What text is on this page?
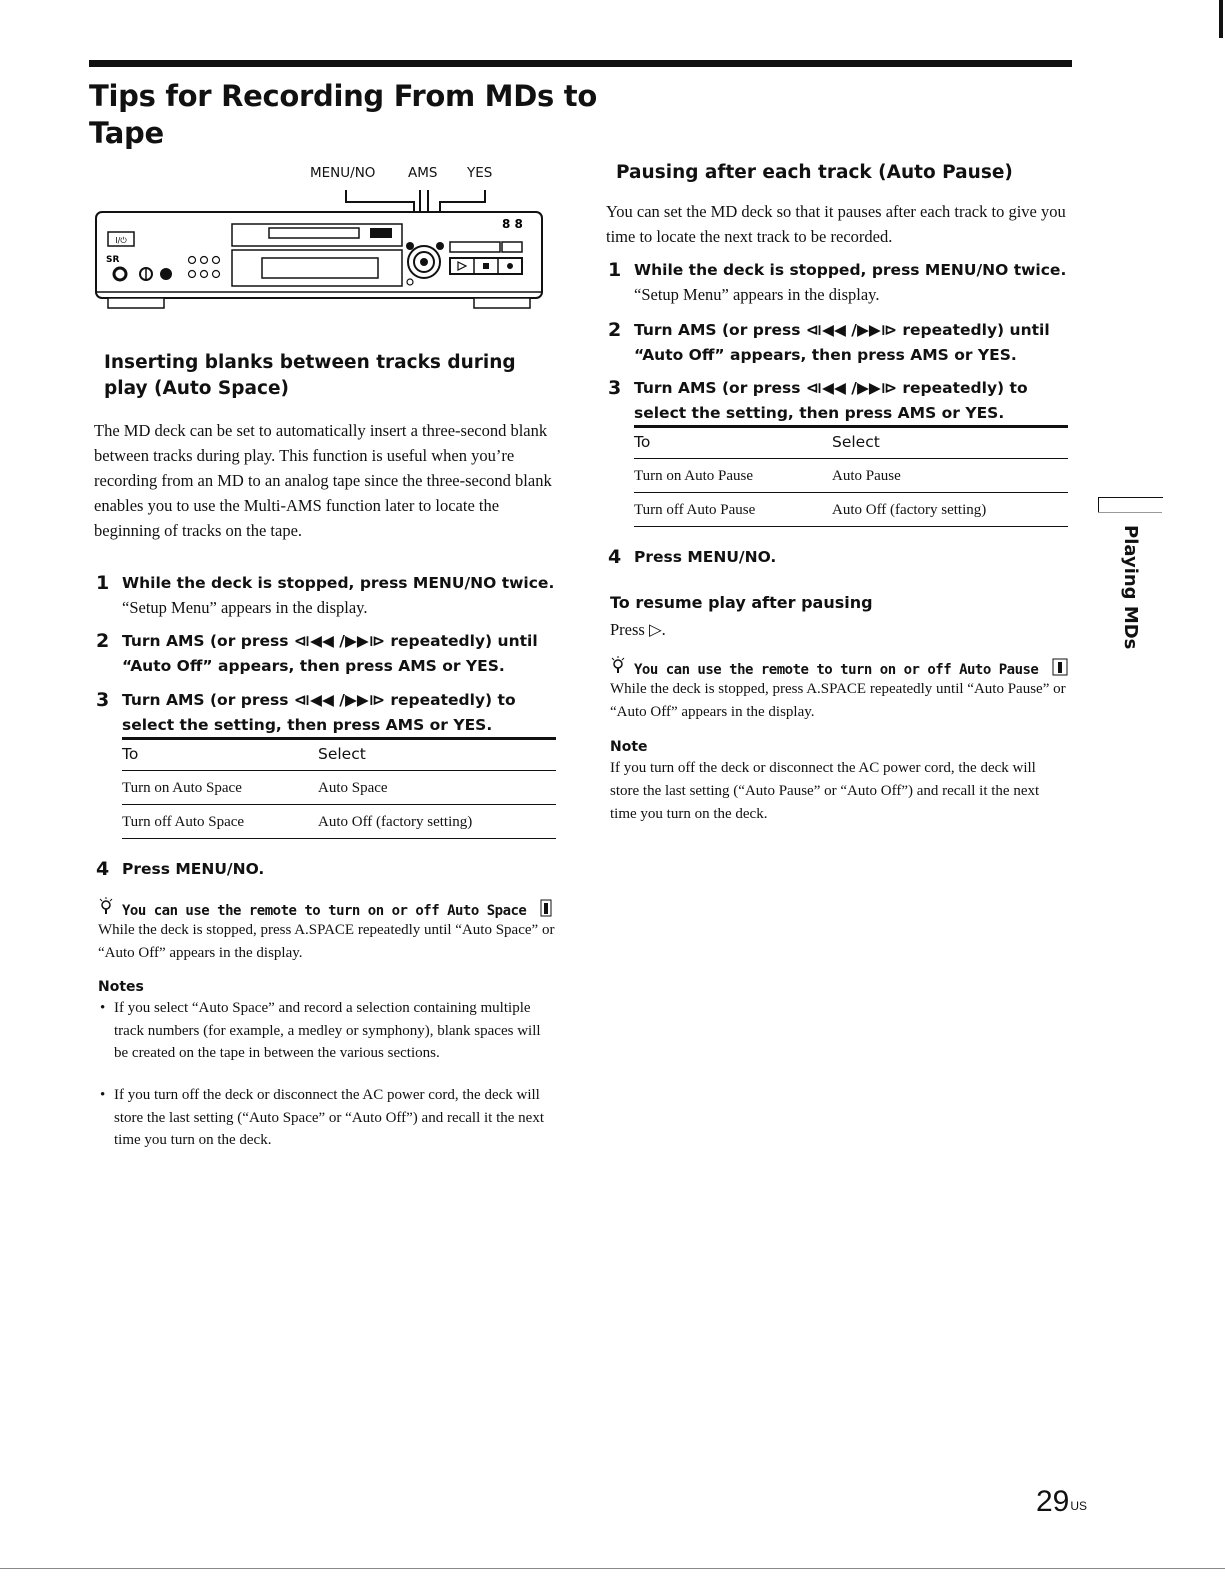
Tips for Recording From MDs to Tape
MENU/NO AMS YES
I/⏻
SR
8 8
Inserting blanks between tracks during play (Auto Space)

The MD deck can be set to automatically insert a three-second blank between tracks during play. This function is useful when you’re recording from an MD to an analog tape since the three-second blank enables you to use the Multi-AMS function later to locate the beginning of tracks on the tape.

1 While the deck is stopped, press MENU/NO twice.
“Setup Menu” appears in the display.
2 Turn AMS (or press ⧏◀◀ /▶▶⧐ repeatedly) until “Auto Off” appears, then press AMS or YES.
3 Turn AMS (or press ⧏◀◀ /▶▶⧐ repeatedly) to select the setting, then press AMS or YES.
To	Select
Turn on Auto Space	Auto Space
Turn off Auto Space	Auto Off (factory setting)
4 Press MENU/NO.
You can use the remote to turn on or off Auto Space

While the deck is stopped, press A.SPACE repeatedly until “Auto Space” or “Auto Off” appears in the display.

Notes

• If you select “Auto Space” and record a selection containing multiple track numbers (for example, a medley or symphony), blank spaces will be created on the tape in between the various sections.

• If you turn off the deck or disconnect the AC power cord, the deck will store the last setting (“Auto Space” or “Auto Off”) and recall it the next time you turn on the deck.

Pausing after each track (Auto Pause)

You can set the MD deck so that it pauses after each track to give you time to locate the next track to be recorded.

1 While the deck is stopped, press MENU/NO twice.
“Setup Menu” appears in the display.
2 Turn AMS (or press ⧏◀◀ /▶▶⧐ repeatedly) until “Auto Off” appears, then press AMS or YES.
3 Turn AMS (or press ⧏◀◀ /▶▶⧐ repeatedly) to select the setting, then press AMS or YES.
To	Select
Turn on Auto Pause	Auto Pause
Turn off Auto Pause	Auto Off (factory setting)
4 Press MENU/NO.
To resume play after pausing

Press ▷.

You can use the remote to turn on or off Auto Pause

While the deck is stopped, press A.SPACE repeatedly until “Auto Pause” or “Auto Off” appears in the display.

Note

If you turn off the deck or disconnect the AC power cord, the deck will store the last setting (“Auto Pause” or “Auto Off”) and recall it the next time you turn on the deck.

Playing MDs
$29^{US}$
